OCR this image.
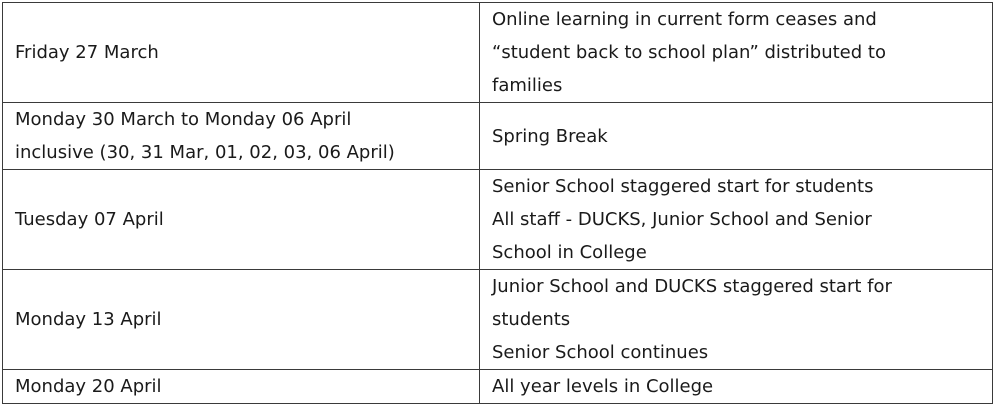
Friday 27 March	Online learning in current form ceases and
“student back to school plan” distributed to
families

Monday 30 March to Monday 06 April
inclusive (30, 31 Mar, 01, 02, 03, 06 April)	Spring Break

Tuesday 07 April	Senior School staggered start for students
All staff - DUCKS, Junior School and Senior
School in College

Monday 13 April	Junior School and DUCKS staggered start for
students
Senior School continues

Monday 20 April	All year levels in College
